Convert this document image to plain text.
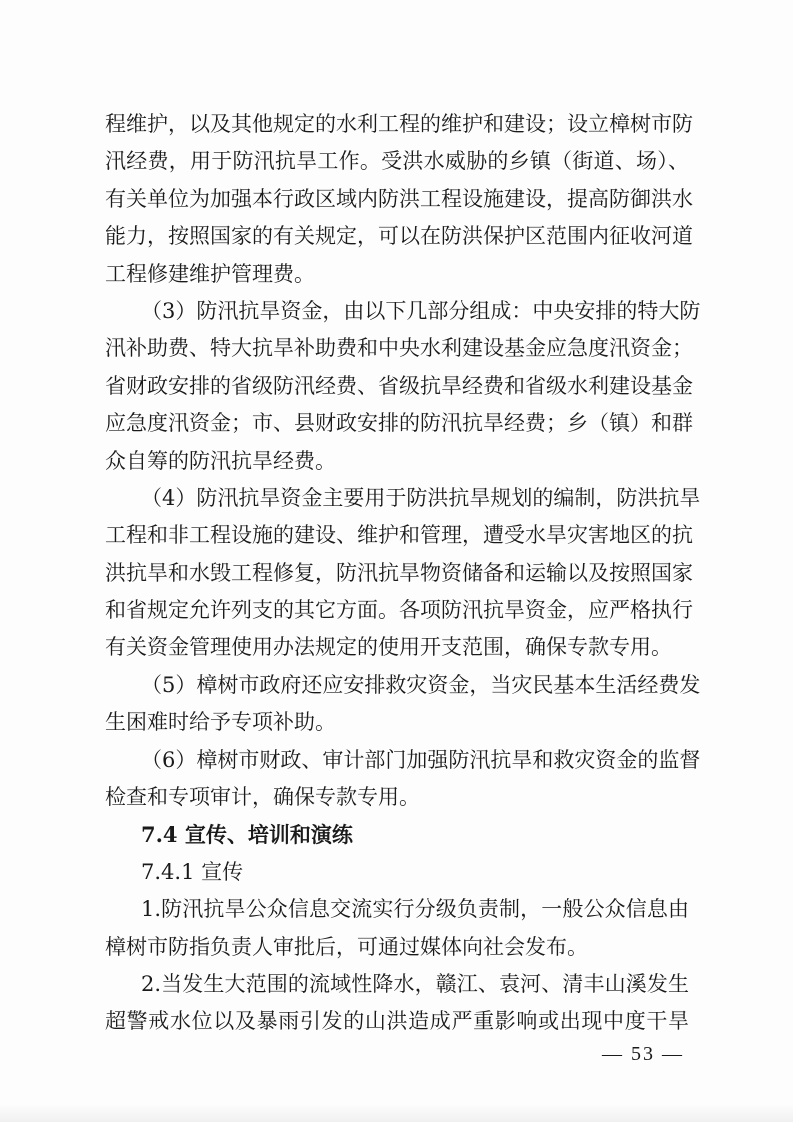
程维护，以及其他规定的水利工程的维护和建设；设立樟树市防
汛经费，用于防汛抗旱工作。受洪水威胁的乡镇（街道、场）、
有关单位为加强本行政区域内防洪工程设施建设，提高防御洪水
能力，按照国家的有关规定，可以在防洪保护区范围内征收河道
工程修建维护管理费。
（3）防汛抗旱资金，由以下几部分组成：中央安排的特大防
汛补助费、特大抗旱补助费和中央水利建设基金应急度汛资金；
省财政安排的省级防汛经费、省级抗旱经费和省级水利建设基金
应急度汛资金；市、县财政安排的防汛抗旱经费；乡（镇）和群
众自筹的防汛抗旱经费。
（4）防汛抗旱资金主要用于防洪抗旱规划的编制，防洪抗旱
工程和非工程设施的建设、维护和管理，遭受水旱灾害地区的抗
洪抗旱和水毁工程修复，防汛抗旱物资储备和运输以及按照国家
和省规定允许列支的其它方面。各项防汛抗旱资金，应严格执行
有关资金管理使用办法规定的使用开支范围，确保专款专用。
（5）樟树市政府还应安排救灾资金，当灾民基本生活经费发
生困难时给予专项补助。
（6）樟树市财政、审计部门加强防汛抗旱和救灾资金的监督
检查和专项审计，确保专款专用。
7.4 宣传、培训和演练
7.4.1 宣传
1.防汛抗旱公众信息交流实行分级负责制，一般公众信息由
樟树市防指负责人审批后，可通过媒体向社会发布。
2.当发生大范围的流域性降水，赣江、袁河、清丰山溪发生
超警戒水位以及暴雨引发的山洪造成严重影响或出现中度干旱
— 53 —
